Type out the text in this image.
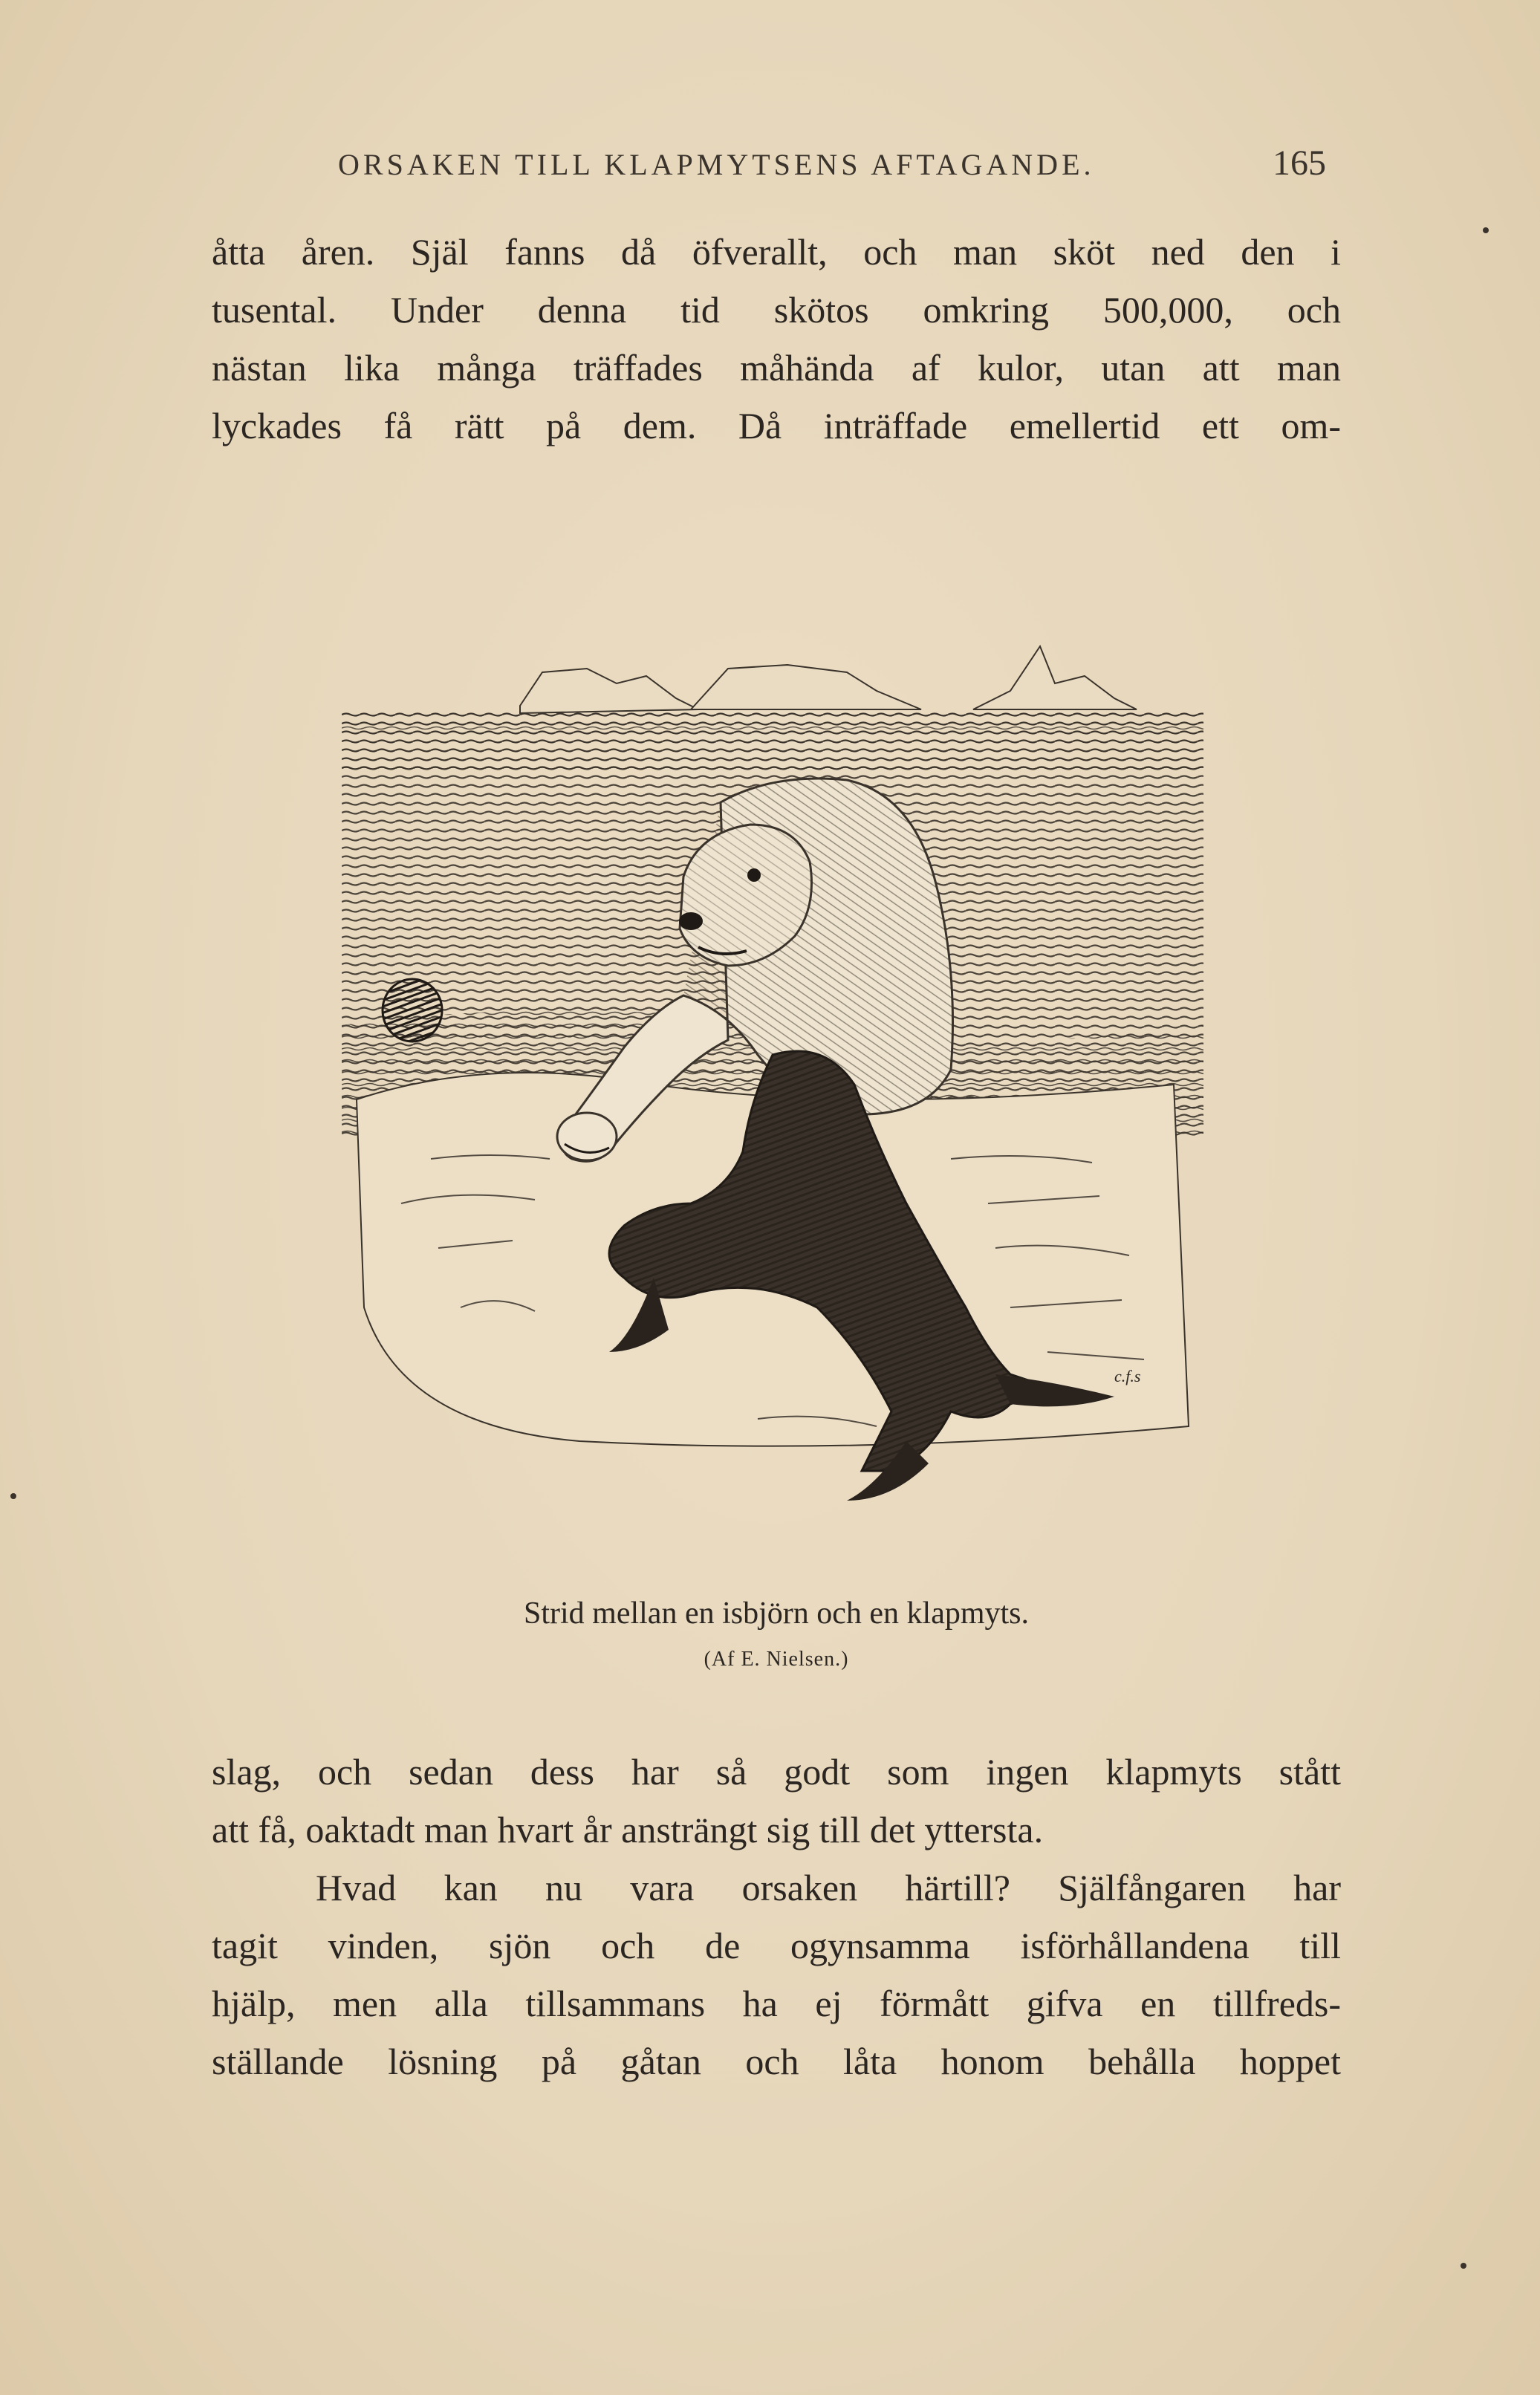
ORSAKEN TILL KLAPMYTSENS AFTAGANDE.	165
åtta åren. Själ fanns då öfverallt, och man sköt ned den i
tusental. Under denna tid skötos omkring 500,000, och
nästan lika många träffades måhända af kulor, utan att man
lyckades få rätt på dem. Då inträffade emellertid ett om-
c.f.s
Strid mellan en isbjörn och en klapmyts.
(Af E. Nielsen.)
slag, och sedan dess har så godt som ingen klapmyts stått
att få, oaktadt man hvart år ansträngt sig till det yttersta.
Hvad kan nu vara orsaken härtill? Själfångaren har
tagit vinden, sjön och de ogynsamma isförhållandena till
hjälp, men alla tillsammans ha ej förmått gifva en tillfreds-
ställande lösning på gåtan och låta honom behålla hoppet
